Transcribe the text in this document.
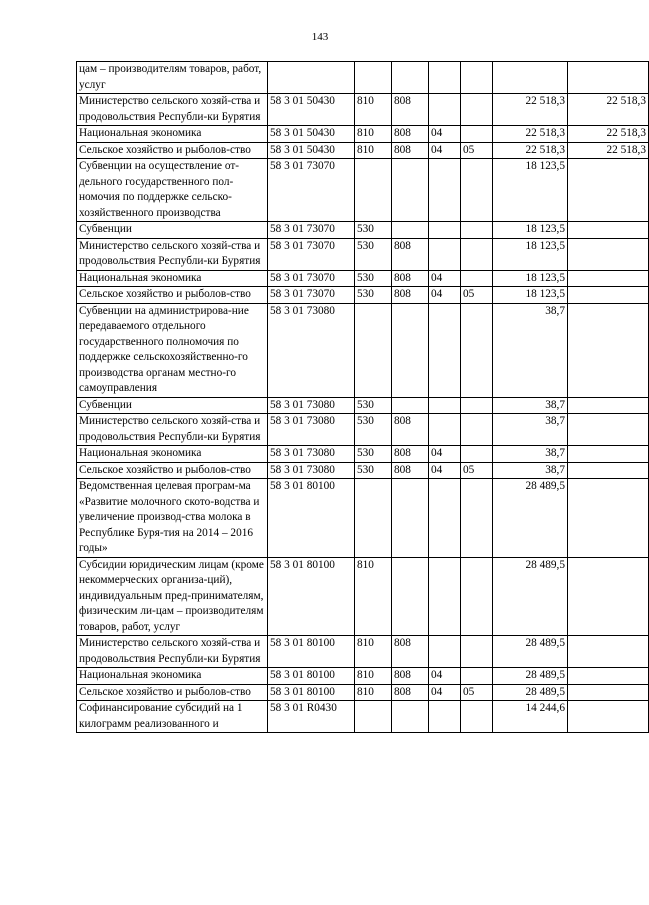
143
цам – производителям товаров, работ, услуг							
Министерство сельского хозяй-ства и продовольствия Республи-ки Бурятия	58 3 01 50430	810	808			22 518,3	22 518,3
Национальная экономика	58 3 01 50430	810	808	04		22 518,3	22 518,3
Сельское хозяйство и рыболов-ство	58 3 01 50430	810	808	04	05	22 518,3	22 518,3
Субвенции на осуществление от-дельного государственного пол-номочия по поддержке сельско-хозяйственного производства	58 3 01 73070					18 123,5	
Субвенции	58 3 01 73070	530				18 123,5	
Министерство сельского хозяй-ства и продовольствия Республи-ки Бурятия	58 3 01 73070	530	808			18 123,5	
Национальная экономика	58 3 01 73070	530	808	04		18 123,5	
Сельское хозяйство и рыболов-ство	58 3 01 73070	530	808	04	05	18 123,5	
Субвенции на администрирова-ние передаваемого отдельного государственного полномочия по поддержке сельскохозяйственно-го производства органам местно-го самоуправления	58 3 01 73080					38,7	
Субвенции	58 3 01 73080	530				38,7	
Министерство сельского хозяй-ства и продовольствия Республи-ки Бурятия	58 3 01 73080	530	808			38,7	
Национальная экономика	58 3 01 73080	530	808	04		38,7	
Сельское хозяйство и рыболов-ство	58 3 01 73080	530	808	04	05	38,7	
Ведомственная целевая програм-ма «Развитие молочного ското-водства и увеличение производ-ства молока в Республике Буря-тия на 2014 – 2016 годы»	58 3 01 80100					28 489,5	
Субсидии юридическим лицам (кроме некоммерческих организа-ций), индивидуальным пред-принимателям, физическим ли-цам – производителям товаров, работ, услуг	58 3 01 80100	810				28 489,5	
Министерство сельского хозяй-ства и продовольствия Республи-ки Бурятия	58 3 01 80100	810	808			28 489,5	
Национальная экономика	58 3 01 80100	810	808	04		28 489,5	
Сельское хозяйство и рыболов-ство	58 3 01 80100	810	808	04	05	28 489,5	
Софинансирование субсидий на 1 килограмм реализованного и	58 3 01 R0430					14 244,6	
